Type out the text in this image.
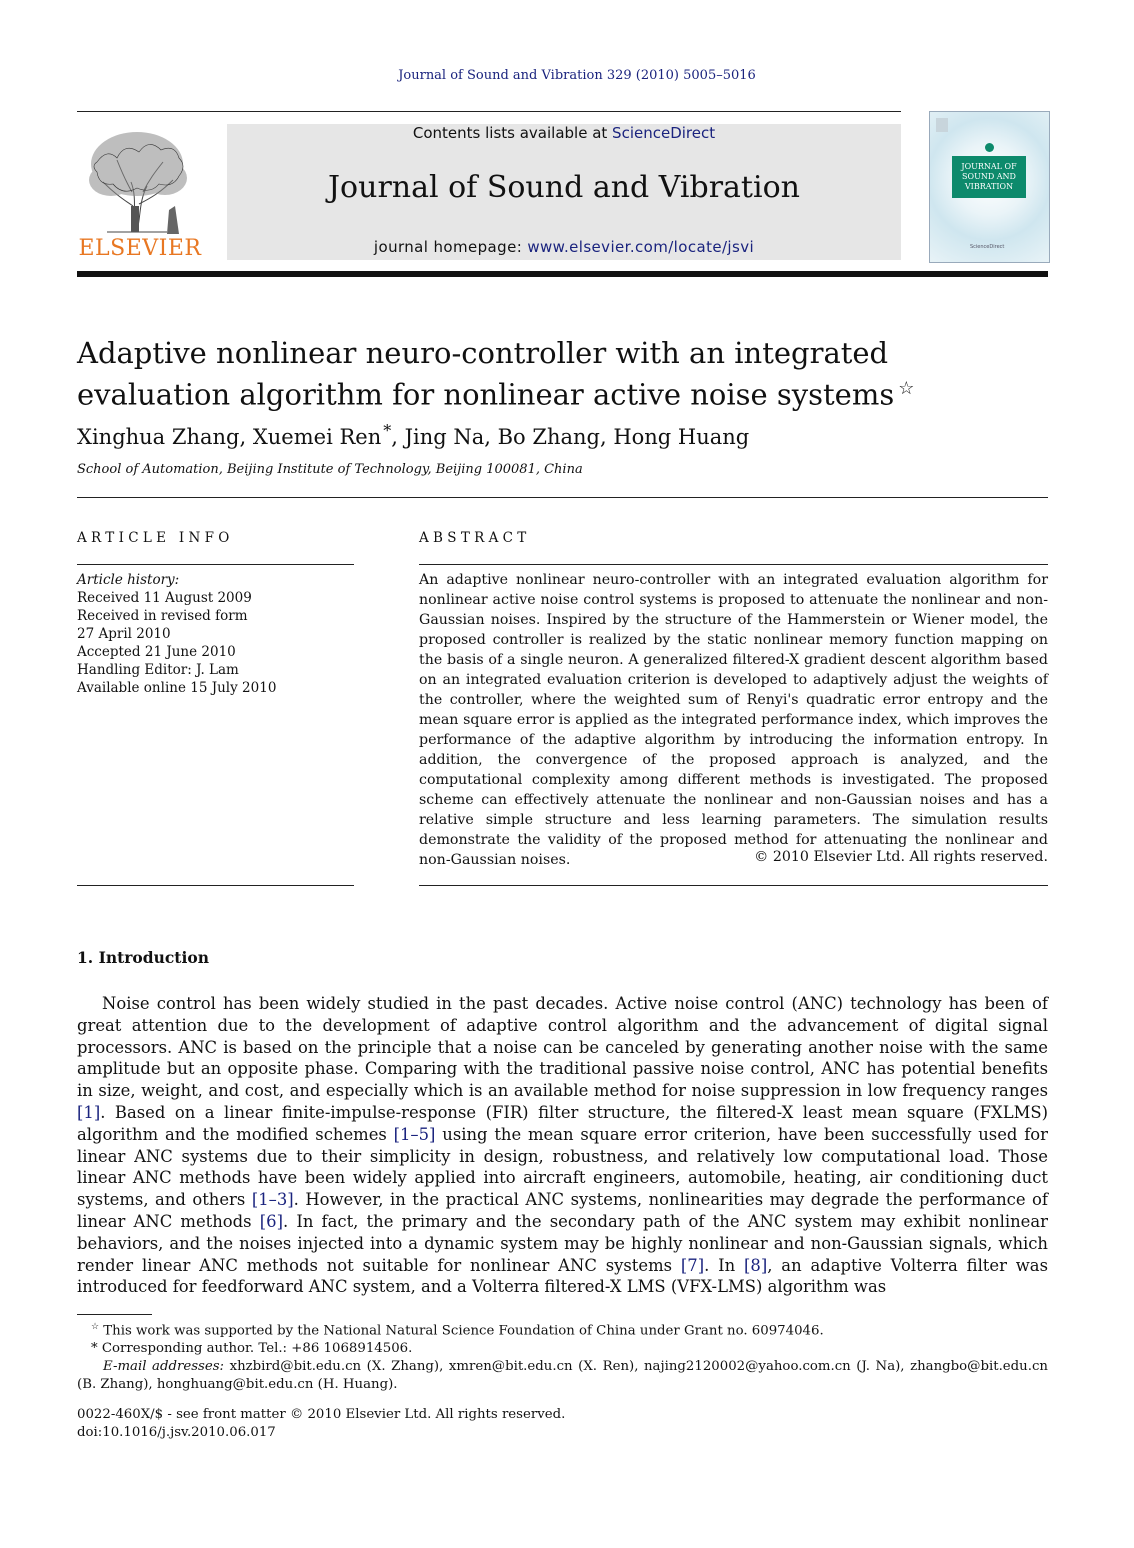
Journal of Sound and Vibration 329 (2010) 5005–5016
ELSEVIER
Contents lists available at ScienceDirect
Journal of Sound and Vibration
journal homepage: www.elsevier.com/locate/jsvi
JOURNAL OF SOUND AND VIBRATION
ScienceDirect
Adaptive nonlinear neuro-controller with an integrated evaluation algorithm for nonlinear active noise systems ☆
Xinghua Zhang, Xuemei Ren *, Jing Na, Bo Zhang, Hong Huang
School of Automation, Beijing Institute of Technology, Beijing 100081, China
ARTICLE INFO	ABSTRACT
Article history:
Received 11 August 2009
Received in revised form
27 April 2010
Accepted 21 June 2010
Handling Editor: J. Lam
Available online 15 July 2010
An adaptive nonlinear neuro-controller with an integrated evaluation algorithm for nonlinear active noise control systems is proposed to attenuate the nonlinear and non-Gaussian noises. Inspired by the structure of the Hammerstein or Wiener model, the proposed controller is realized by the static nonlinear memory function mapping on the basis of a single neuron. A generalized filtered-X gradient descent algorithm based on an integrated evaluation criterion is developed to adaptively adjust the weights of the controller, where the weighted sum of Renyi's quadratic error entropy and the mean square error is applied as the integrated performance index, which improves the performance of the adaptive algorithm by introducing the information entropy. In addition, the convergence of the proposed approach is analyzed, and the computational complexity among different methods is investigated. The proposed scheme can effectively attenuate the nonlinear and non-Gaussian noises and has a relative simple structure and less learning parameters. The simulation results demonstrate the validity of the proposed method for attenuating the nonlinear and non-Gaussian noises.	© 2010 Elsevier Ltd. All rights reserved.
1. Introduction
Noise control has been widely studied in the past decades. Active noise control (ANC) technology has been of great attention due to the development of adaptive control algorithm and the advancement of digital signal processors. ANC is based on the principle that a noise can be canceled by generating another noise with the same amplitude but an opposite phase. Comparing with the traditional passive noise control, ANC has potential benefits in size, weight, and cost, and especially which is an available method for noise suppression in low frequency ranges [1]. Based on a linear finite-impulse-response (FIR) filter structure, the filtered-X least mean square (FXLMS) algorithm and the modified schemes [1–5] using the mean square error criterion, have been successfully used for linear ANC systems due to their simplicity in design, robustness, and relatively low computational load. Those linear ANC methods have been widely applied into aircraft engineers, automobile, heating, air conditioning duct systems, and others [1–3]. However, in the practical ANC systems, nonlinearities may degrade the performance of linear ANC methods [6]. In fact, the primary and the secondary path of the ANC system may exhibit nonlinear behaviors, and the noises injected into a dynamic system may be highly nonlinear and non-Gaussian signals, which render linear ANC methods not suitable for nonlinear ANC systems [7]. In [8], an adaptive Volterra filter was introduced for feedforward ANC system, and a Volterra filtered-X LMS (VFX-LMS) algorithm was
☆ This work was supported by the National Natural Science Foundation of China under Grant no. 60974046.
* Corresponding author. Tel.: +86 1068914506.
E-mail addresses: xhzbird@bit.edu.cn (X. Zhang), xmren@bit.edu.cn (X. Ren), najing2120002@yahoo.com.cn (J. Na), zhangbo@bit.edu.cn (B. Zhang), honghuang@bit.edu.cn (H. Huang).
0022-460X/$ - see front matter © 2010 Elsevier Ltd. All rights reserved.
doi:10.1016/j.jsv.2010.06.017
